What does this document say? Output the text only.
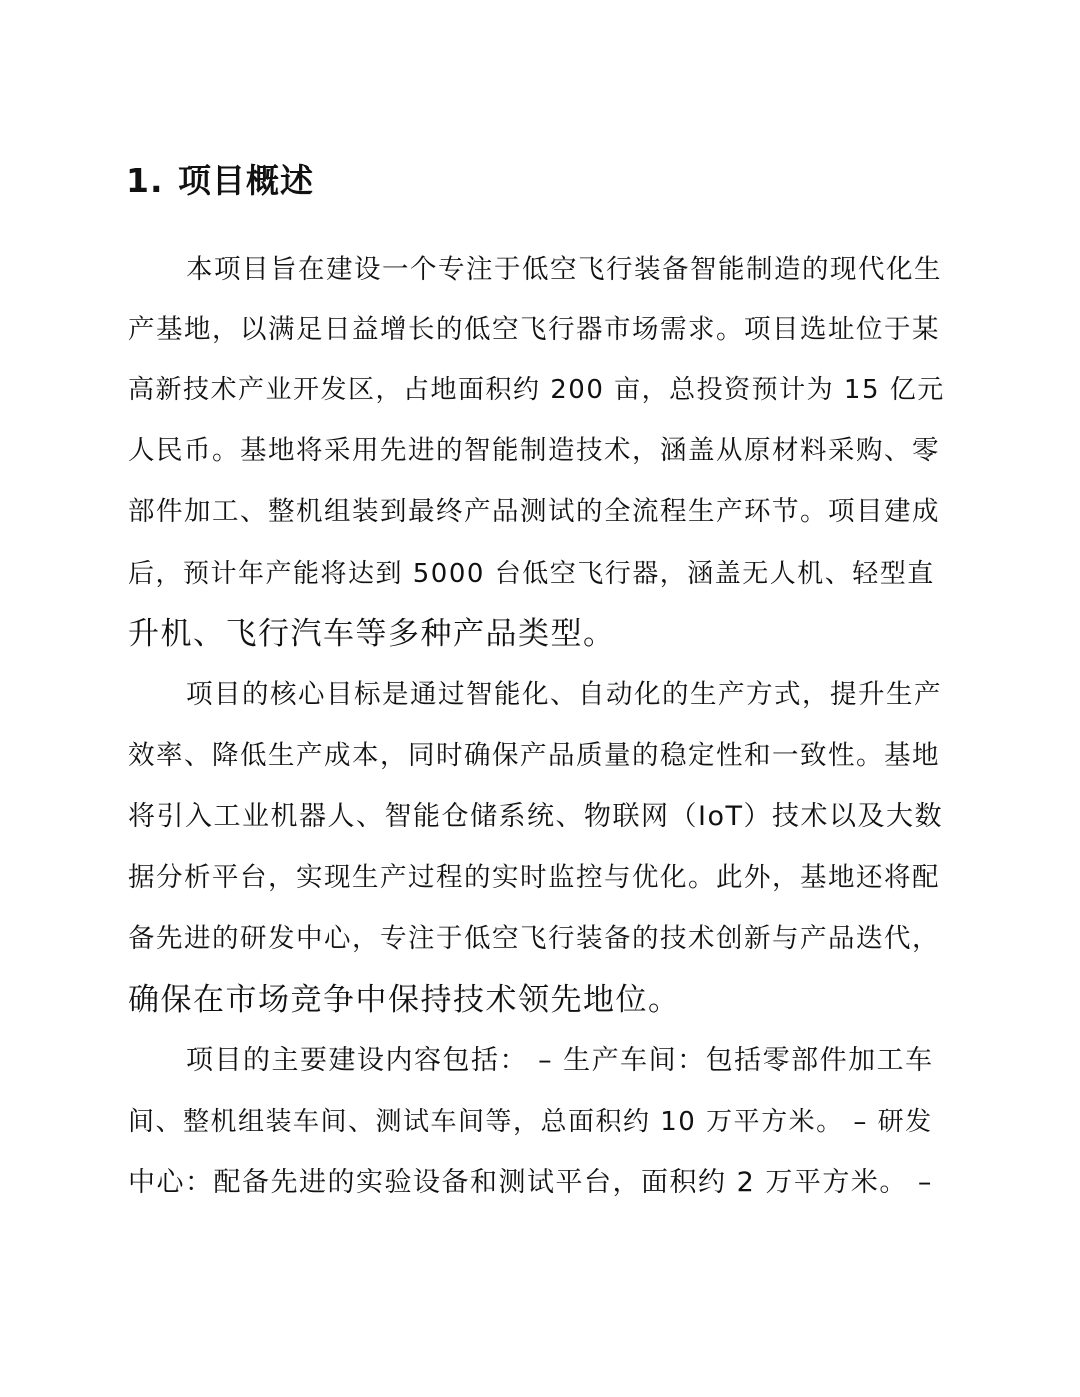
1. 项目概述
本项目旨在建设一个专注于低空飞行装备智能制造的现代化生
产基地，以满足日益增长的低空飞行器市场需求。项目选址位于某
高新技术产业开发区，占地面积约 200 亩，总投资预计为 15 亿元
人民币。基地将采用先进的智能制造技术，涵盖从原材料采购、零
部件加工、整机组装到最终产品测试的全流程生产环节。项目建成
后，预计年产能将达到 5000 台低空飞行器，涵盖无人机、轻型直
升机、飞行汽车等多种产品类型。
项目的核心目标是通过智能化、自动化的生产方式，提升生产
效率、降低生产成本，同时确保产品质量的稳定性和一致性。基地
将引入工业机器人、智能仓储系统、物联网（IoT）技术以及大数
据分析平台，实现生产过程的实时监控与优化。此外，基地还将配
备先进的研发中心，专注于低空飞行装备的技术创新与产品迭代，
确保在市场竞争中保持技术领先地位。
项目的主要建设内容包括： – 生产车间：包括零部件加工车
间、整机组装车间、测试车间等，总面积约 10 万平方米。 – 研发
中心：配备先进的实验设备和测试平台，面积约 2 万平方米。 –
